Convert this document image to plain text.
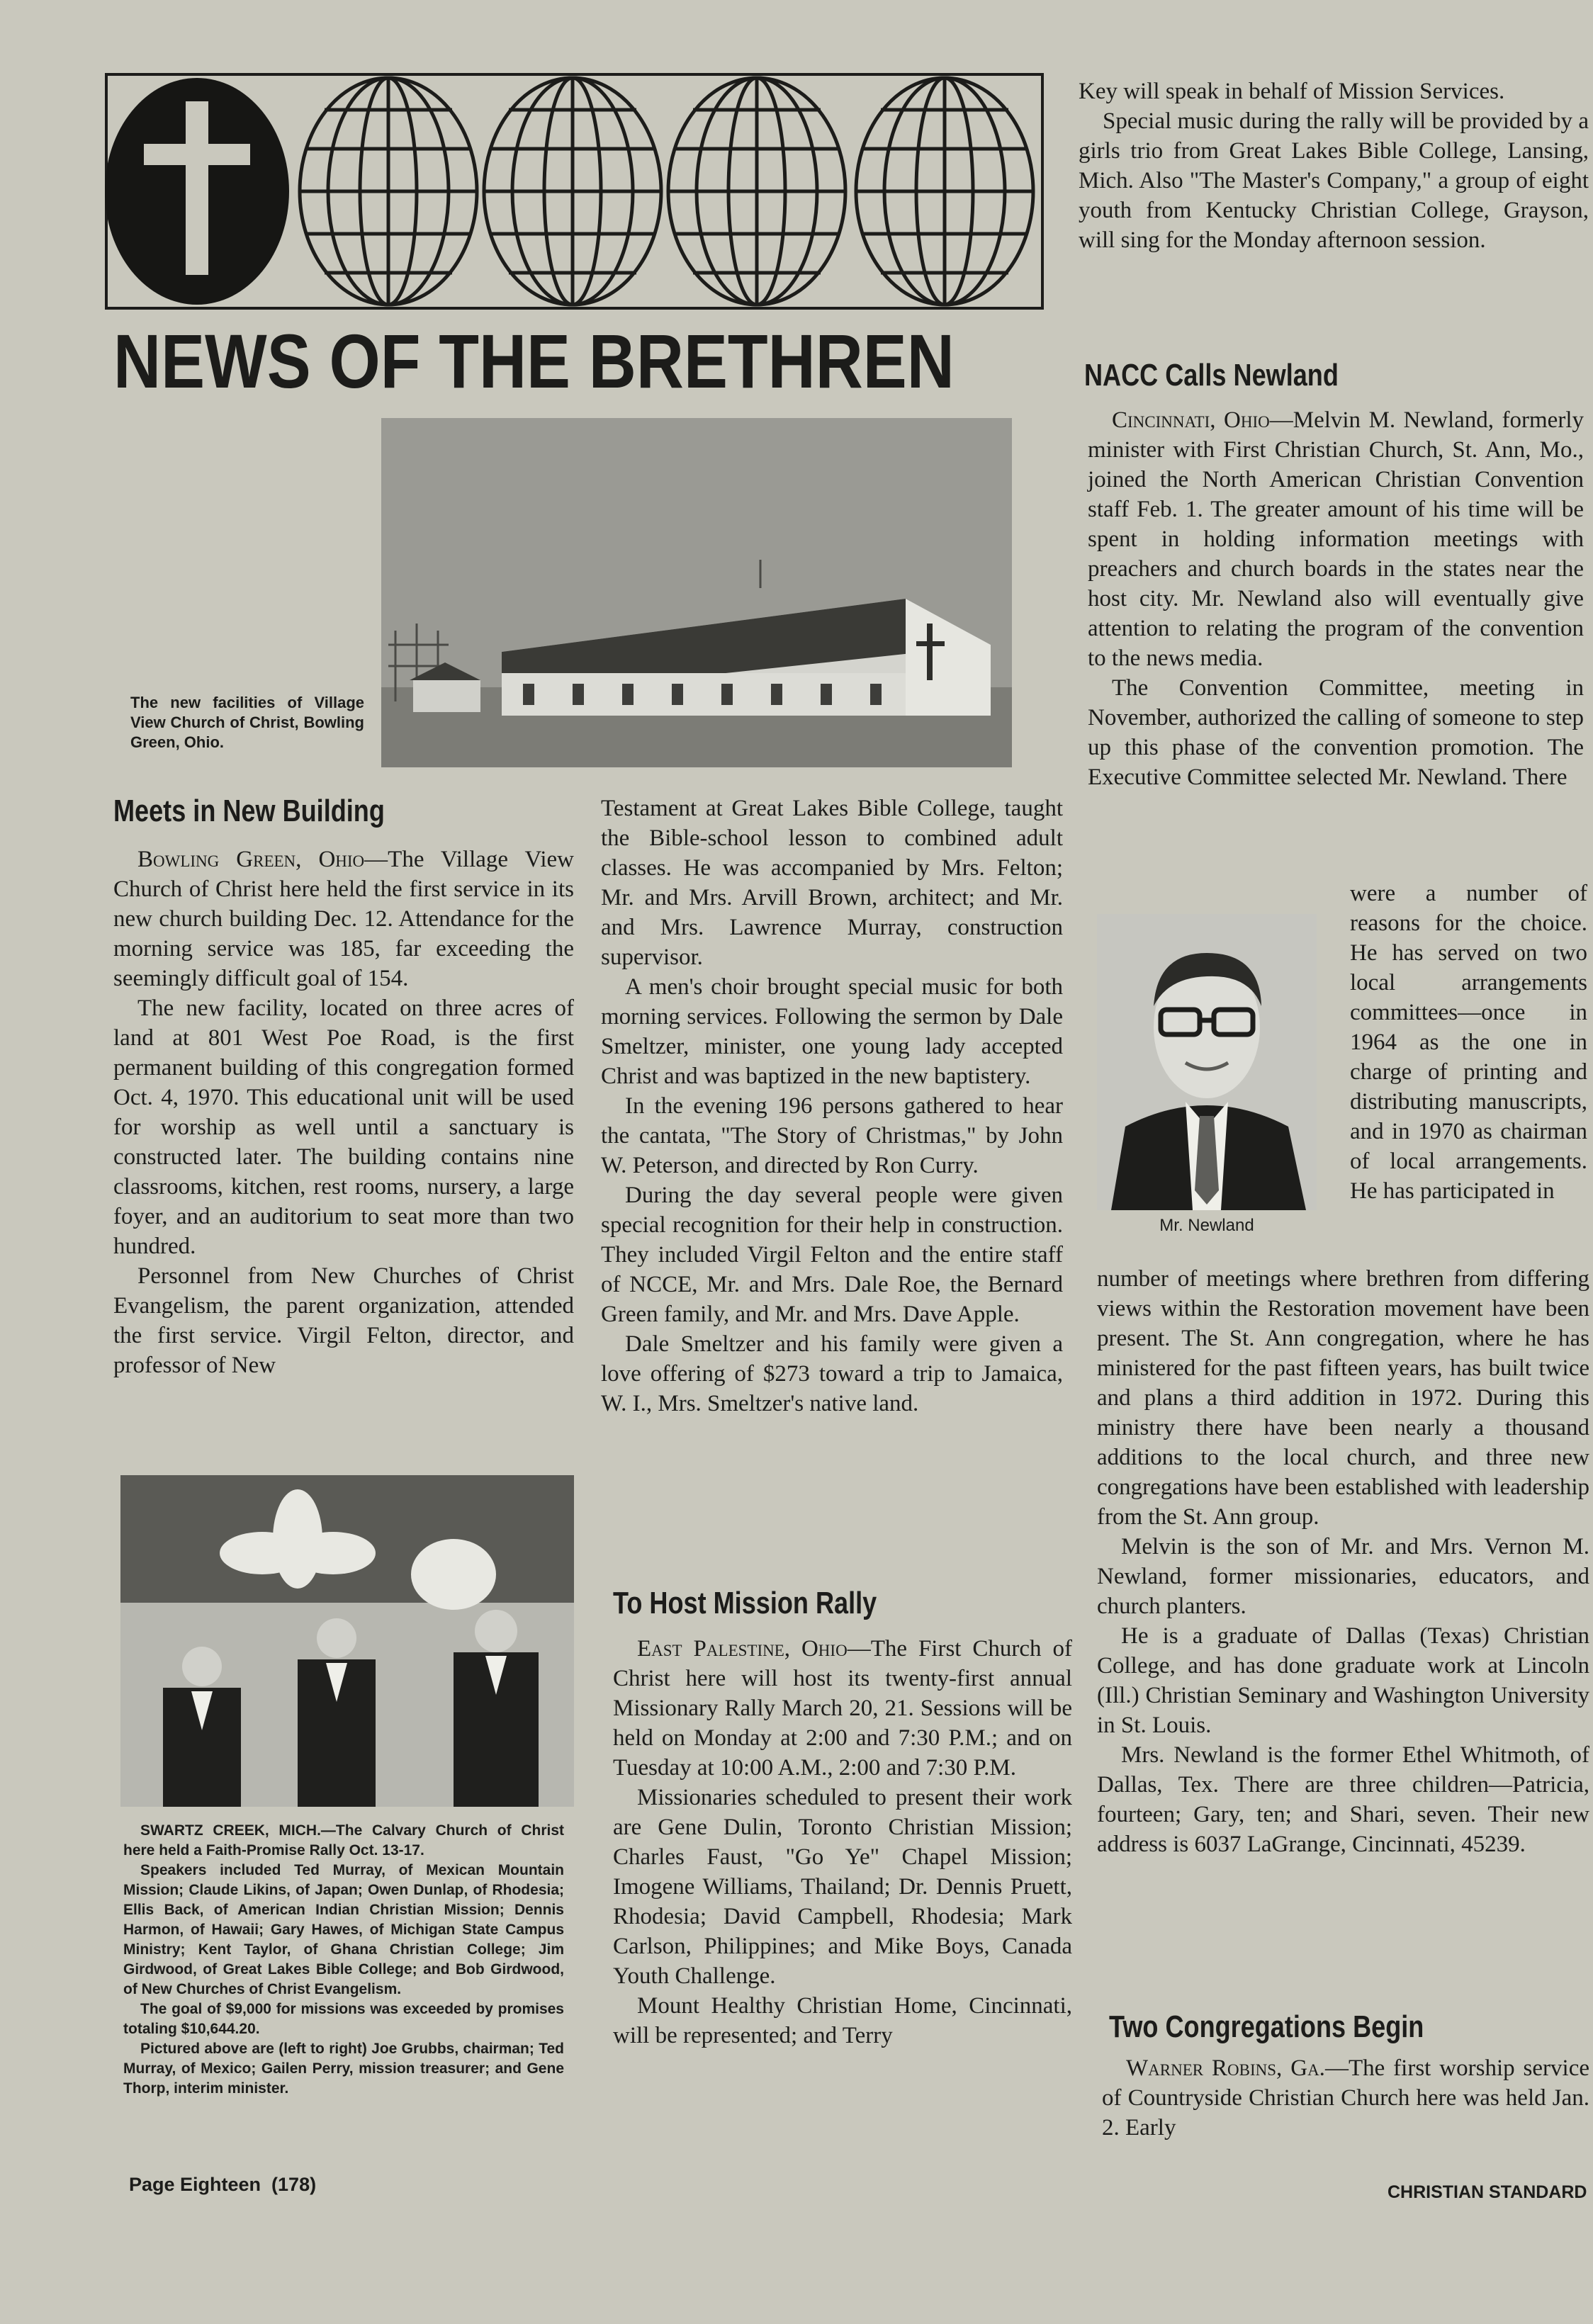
NEWS OF THE BRETHREN
The new facilities of Village View Church of Christ, Bowling Green, Ohio.
Meets in New Building

Bowling Green, Ohio—The Village View Church of Christ here held the first service in its new church building Dec. 12. Attendance for the morning service was 185, far exceeding the seemingly difficult goal of 154.

The new facility, located on three acres of land at 801 West Poe Road, is the first permanent building of this congregation formed Oct. 4, 1970. This educational unit will be used for worship as well until a sanctuary is constructed later. The building contains nine classrooms, kitchen, rest rooms, nursery, a large foyer, and an auditorium to seat more than two hundred.

Personnel from New Churches of Christ Evangelism, the parent organization, attended the first service. Virgil Felton, director, and professor of New

SWARTZ CREEK, MICH.—The Calvary Church of Christ here held a Faith-Promise Rally Oct. 13-17.

Speakers included Ted Murray, of Mexican Mountain Mission; Claude Likins, of Japan; Owen Dunlap, of Rhodesia; Ellis Back, of American Indian Christian Mission; Dennis Harmon, of Hawaii; Gary Hawes, of Michigan State Campus Ministry; Kent Taylor, of Ghana Christian College; Jim Girdwood, of Great Lakes Bible College; and Bob Girdwood, of New Churches of Christ Evangelism.

The goal of $9,000 for missions was exceeded by promises totaling $10,644.20.

Pictured above are (left to right) Joe Grubbs, chairman; Ted Murray, of Mexico; Gailen Perry, mission treasurer; and Gene Thorp, interim minister.

Testament at Great Lakes Bible College, taught the Bible-school lesson to combined adult classes. He was accompanied by Mrs. Felton; Mr. and Mrs. Arvill Brown, architect; and Mr. and Mrs. Lawrence Murray, construction supervisor.

A men's choir brought special music for both morning services. Following the sermon by Dale Smeltzer, minister, one young lady accepted Christ and was baptized in the new baptistery.

In the evening 196 persons gathered to hear the cantata, "The Story of Christmas," by John W. Peterson, and directed by Ron Curry.

During the day several people were given special recognition for their help in construction. They included Virgil Felton and the entire staff of NCCE, Mr. and Mrs. Dale Roe, the Bernard Green family, and Mr. and Mrs. Dave Apple.

Dale Smeltzer and his family were given a love offering of $273 toward a trip to Jamaica, W. I., Mrs. Smeltzer's native land.

To Host Mission Rally

East Palestine, Ohio—The First Church of Christ here will host its twenty-first annual Missionary Rally March 20, 21. Sessions will be held on Monday at 2:00 and 7:30 P.M.; and on Tuesday at 10:00 A.M., 2:00 and 7:30 P.M.

Missionaries scheduled to present their work are Gene Dulin, Toronto Christian Mission; Charles Faust, "Go Ye" Chapel Mission; Imogene Williams, Thailand; Dr. Dennis Pruett, Rhodesia; David Campbell, Rhodesia; Mark Carlson, Philippines; and Mike Boys, Canada Youth Challenge.

Mount Healthy Christian Home, Cincinnati, will be represented; and Terry

Key will speak in behalf of Mission Services.

Special music during the rally will be provided by a girls trio from Great Lakes Bible College, Lansing, Mich. Also "The Master's Company," a group of eight youth from Kentucky Christian College, Grayson, will sing for the Monday afternoon session.

NACC Calls Newland

Cincinnati, Ohio—Melvin M. Newland, formerly minister with First Christian Church, St. Ann, Mo., joined the North American Christian Convention staff Feb. 1. The greater amount of his time will be spent in holding information meetings with preachers and church boards in the states near the host city. Mr. Newland also will eventually give attention to relating the program of the convention to the news media.

The Convention Committee, meeting in November, authorized the calling of someone to step up this phase of the convention promotion. The Executive Committee selected Mr. Newland. There

Mr. Newland

were a number of reasons for the choice. He has served on two local arrangements committees—once in 1964 as the one in charge of printing and distributing manuscripts, and in 1970 as chairman of local arrangements. He has participated in

number of meetings where brethren from differing views within the Restoration movement have been present. The St. Ann congregation, where he has ministered for the past fifteen years, has built twice and plans a third addition in 1972. During this ministry there have been nearly a thousand additions to the local church, and three new congregations have been established with leadership from the St. Ann group.

Melvin is the son of Mr. and Mrs. Vernon M. Newland, former missionaries, educators, and church planters.

He is a graduate of Dallas (Texas) Christian College, and has done graduate work at Lincoln (Ill.) Christian Seminary and Washington University in St. Louis.

Mrs. Newland is the former Ethel Whitmoth, of Dallas, Tex. There are three children—Patricia, fourteen; Gary, ten; and Shari, seven. Their new address is 6037 LaGrange, Cincinnati, 45239.

Two Congregations Begin

Warner Robins, Ga.—The first worship service of Countryside Christian Church here was held Jan. 2. Early

Page Eighteen  (178)	CHRISTIAN STANDARD
